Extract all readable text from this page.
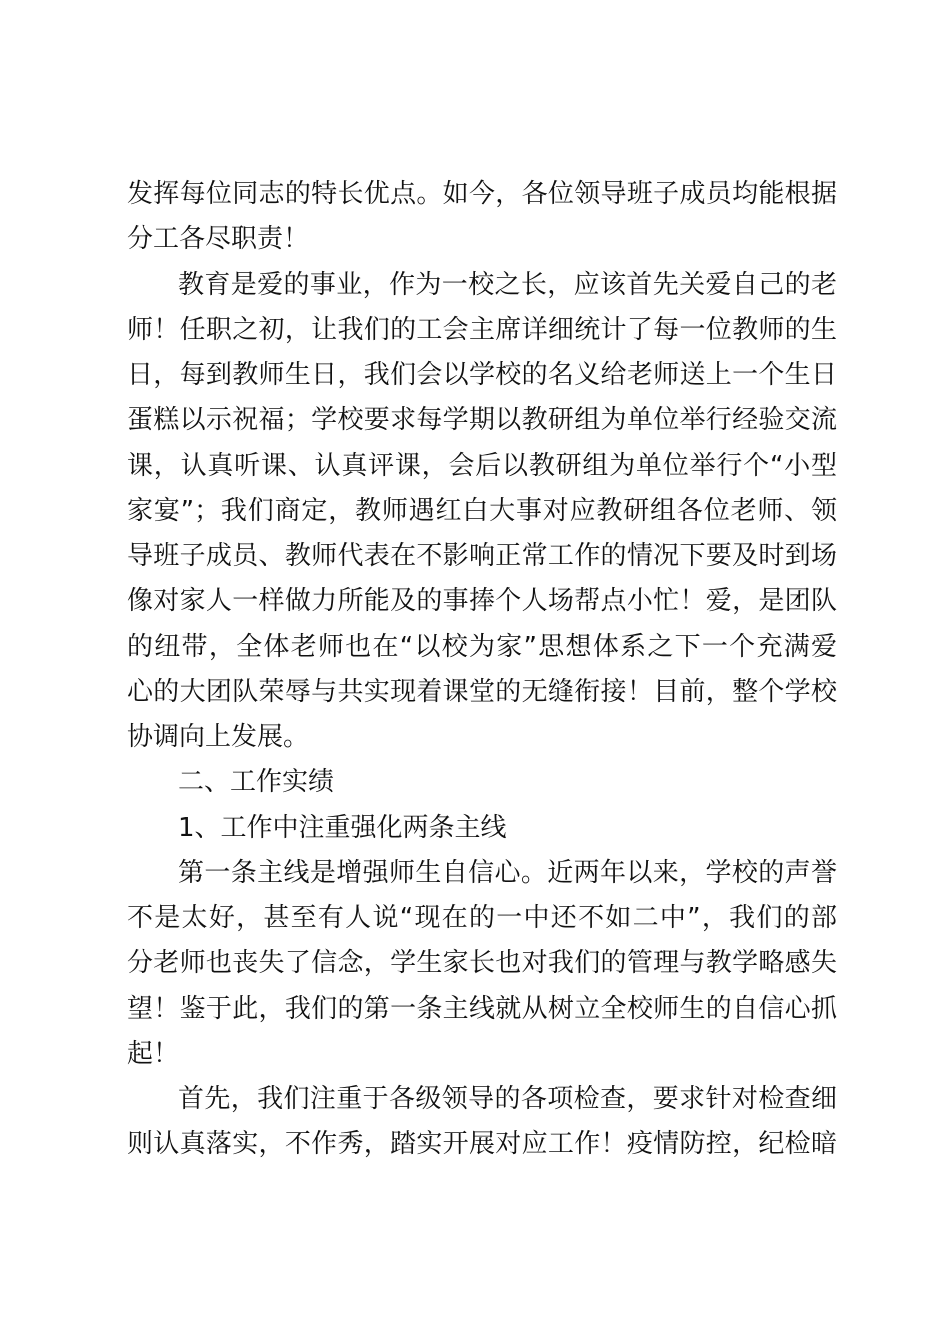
发挥每位同志的特长优点。如今，各位领导班子成员均能根据
分工各尽职责！
教育是爱的事业，作为一校之长，应该首先关爱自己的老
师！任职之初，让我们的工会主席详细统计了每一位教师的生
日，每到教师生日，我们会以学校的名义给老师送上一个生日
蛋糕以示祝福；学校要求每学期以教研组为单位举行经验交流
课，认真听课、认真评课，会后以教研组为单位举行个“小型
家宴”；我们商定，教师遇红白大事对应教研组各位老师、领
导班子成员、教师代表在不影响正常工作的情况下要及时到场
像对家人一样做力所能及的事捧个人场帮点小忙！爱，是团队
的纽带，全体老师也在“以校为家”思想体系之下一个充满爱
心的大团队荣辱与共实现着课堂的无缝衔接！目前，整个学校
协调向上发展。
二、工作实绩
1、工作中注重强化两条主线
第一条主线是增强师生自信心。近两年以来，学校的声誉
不是太好，甚至有人说“现在的一中还不如二中”，我们的部
分老师也丧失了信念，学生家长也对我们的管理与教学略感失
望！鉴于此，我们的第一条主线就从树立全校师生的自信心抓
起！
首先，我们注重于各级领导的各项检查，要求针对检查细
则认真落实，不作秀，踏实开展对应工作！疫情防控，纪检暗
